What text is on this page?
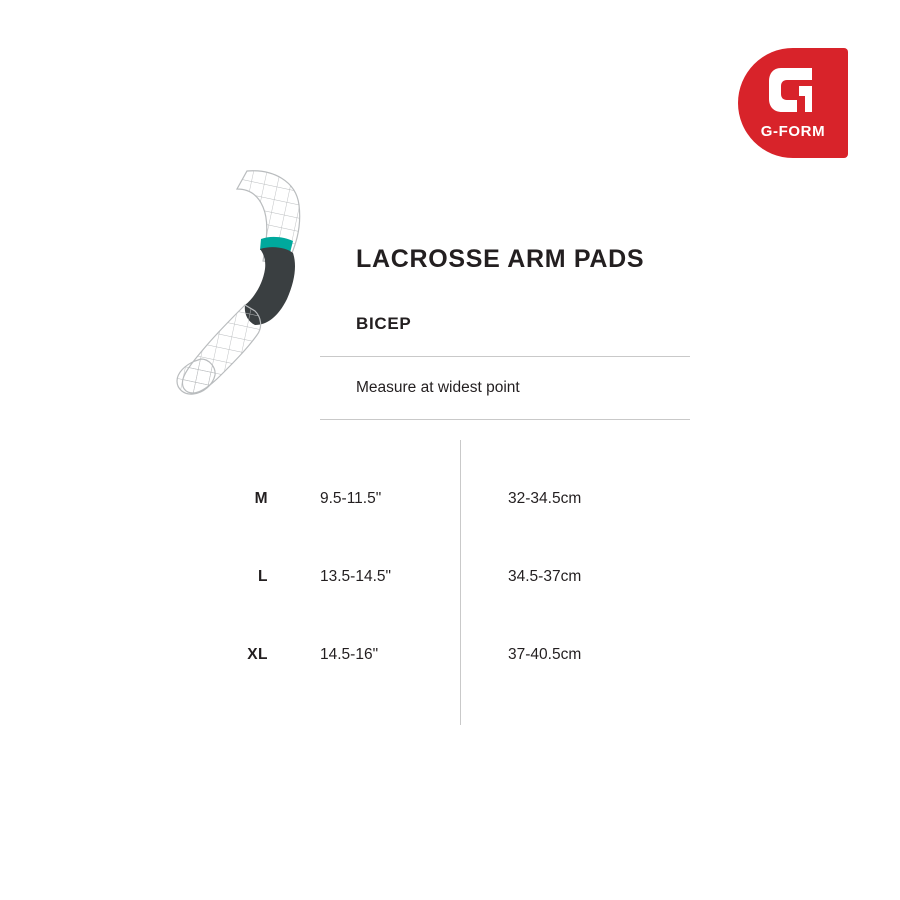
G-FORM
LACROSSE ARM PADS
BICEP
Measure at widest point
M	9.5-11.5"	32-34.5cm
L	13.5-14.5"	34.5-37cm
XL	14.5-16"	37-40.5cm
